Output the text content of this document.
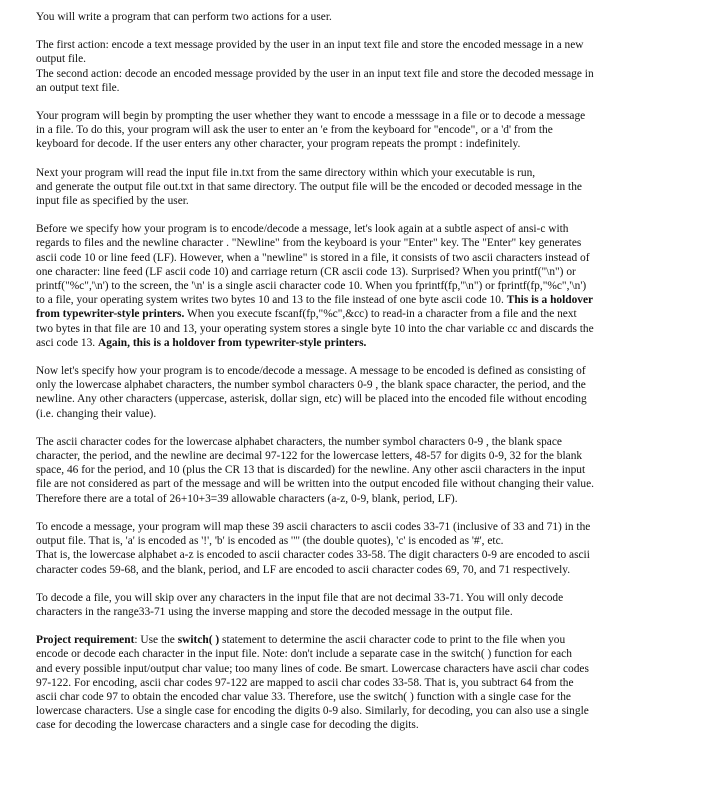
You will write a program that can perform two actions for a user.
The first action: encode a text message provided by the user in an input text file and store the encoded message in a new
output file.
The second action: decode an encoded message provided by the user in an input text file and store the decoded message in
an output text file.
Your program will begin by prompting the user whether they want to encode a messsage in a file or to decode a message
in a file. To do this, your program will ask the user to enter an 'e from the keyboard for "encode", or a 'd' from the
keyboard for decode. If the user enters any other character, your program repeats the prompt : indefinitely.
Next your program will read the input file in.txt from the same directory within which your executable is run,
and generate the output file out.txt in that same directory. The output file will be the encoded or decoded message in the
input file as specified by the user.
Before we specify how your program is to encode/decode a message, let's look again at a subtle aspect of ansi-c with
regards to files and the newline character . "Newline" from the keyboard is your "Enter" key. The "Enter" key generates
ascii code 10 or line feed (LF). However, when a "newline" is stored in a file, it consists of two ascii characters instead of
one character: line feed (LF ascii code 10) and carriage return (CR ascii code 13). Surprised? When you printf("\n") or
printf("%c",'\n') to the screen, the '\n' is a single ascii character code 10. When you fprintf(fp,"\n") or fprintf(fp,"%c",'\n')
to a file, your operating system writes two bytes 10 and 13 to the file instead of one byte ascii code 10. This is a holdover
from typewriter-style printers. When you execute fscanf(fp,"%c",&cc) to read-in a character from a file and the next
two bytes in that file are 10 and 13, your operating system stores a single byte 10 into the char variable cc and discards the
asci code 13. Again, this is a holdover from typewriter-style printers.
Now let's specify how your program is to encode/decode a message. A message to be encoded is defined as consisting of
only the lowercase alphabet characters, the number symbol characters 0-9 , the blank space character, the period, and the
newline. Any other characters (uppercase, asterisk, dollar sign, etc) will be placed into the encoded file without encoding
(i.e. changing their value).
The ascii character codes for the lowercase alphabet characters, the number symbol characters 0-9 , the blank space
character, the period, and the newline are decimal 97-122 for the lowercase letters, 48-57 for digits 0-9, 32 for the blank
space, 46 for the period, and 10 (plus the CR 13 that is discarded) for the newline. Any other ascii characters in the input
file are not considered as part of the message and will be written into the output encoded file without changing their value.
Therefore there are a total of 26+10+3=39 allowable characters (a-z, 0-9, blank, period, LF).
To encode a message, your program will map these 39 ascii characters to ascii codes 33-71 (inclusive of 33 and 71) in the
output file. That is, 'a' is encoded as '!', 'b' is encoded as '"' (the double quotes), 'c' is encoded as '#', etc.
That is, the lowercase alphabet a-z is encoded to ascii character codes 33-58. The digit characters 0-9 are encoded to ascii
character codes 59-68, and the blank, period, and LF are encoded to ascii character codes 69, 70, and 71 respectively.
To decode a file, you will skip over any characters in the input file that are not decimal 33-71. You will only decode
characters in the range33-71 using the inverse mapping and store the decoded message in the output file.
Project requirement: Use the switch( ) statement to determine the ascii character code to print to the file when you
encode or decode each character in the input file. Note: don't include a separate case in the switch( ) function for each
and every possible input/output char value; too many lines of code. Be smart. Lowercase characters have ascii char codes
97-122. For encoding, ascii char codes 97-122 are mapped to ascii char codes 33-58. That is, you subtract 64 from the
ascii char code 97 to obtain the encoded char value 33. Therefore, use the switch( ) function with a single case for the
lowercase characters. Use a single case for encoding the digits 0-9 also. Similarly, for decoding, you can also use a single
case for decoding the lowercase characters and a single case for decoding the digits.
